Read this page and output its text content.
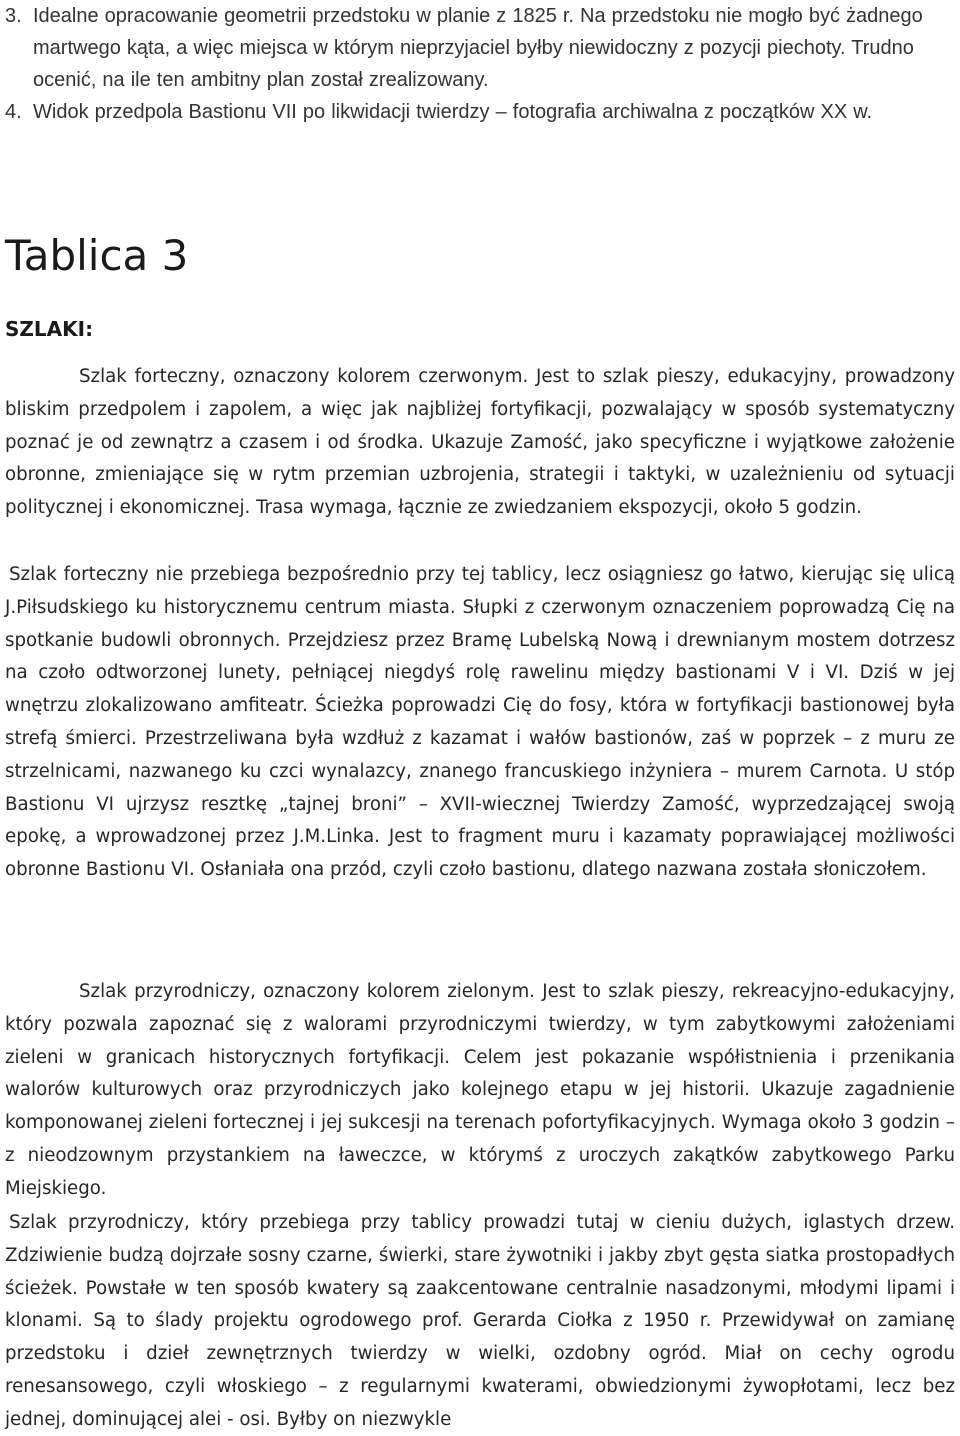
3. Idealne opracowanie geometrii przedstoku w planie z 1825 r. Na przedstoku nie mogło być żadnego martwego kąta, a więc miejsca w którym nieprzyjaciel byłby niewidoczny z pozycji piechoty. Trudno ocenić, na ile ten ambitny plan został zrealizowany.
4. Widok przedpola Bastionu VII po likwidacji twierdzy – fotografia archiwalna z początków XX w.
Tablica 3
SZLAKI:

Szlak forteczny, oznaczony kolorem czerwonym. Jest to szlak pieszy, edukacyjny, prowadzony bliskim przedpolem i zapolem, a więc jak najbliżej fortyfikacji, pozwalający w sposób systematyczny poznać je od zewnątrz a czasem i od środka. Ukazuje Zamość, jako specyficzne i wyjątkowe założenie obronne, zmieniające się w rytm przemian uzbrojenia, strategii i taktyki, w uzależnieniu od sytuacji politycznej i ekonomicznej. Trasa wymaga, łącznie ze zwiedzaniem ekspozycji, około 5 godzin.

Szlak forteczny nie przebiega bezpośrednio przy tej tablicy, lecz osiągniesz go łatwo, kierując się ulicą J.Piłsudskiego ku historycznemu centrum miasta. Słupki z czerwonym oznaczeniem poprowadzą Cię na spotkanie budowli obronnych. Przejdziesz przez Bramę Lubelską Nową i drewnianym mostem dotrzesz na czoło odtworzonej lunety, pełniącej niegdyś rolę rawelinu między bastionami V i VI. Dziś w jej wnętrzu zlokalizowano amfiteatr. Ścieżka poprowadzi Cię do fosy, która w fortyfikacji bastionowej była strefą śmierci. Przestrzeliwana była wzdłuż z kazamat i wałów bastionów, zaś w poprzek – z muru ze strzelnicami, nazwanego ku czci wynalazcy, znanego francuskiego inżyniera – murem Carnota. U stóp Bastionu VI ujrzysz resztkę „tajnej broni” – XVII-wiecznej Twierdzy Zamość, wyprzedzającej swoją epokę, a wprowadzonej przez J.M.Linka. Jest to fragment muru i kazamaty poprawiającej możliwości obronne Bastionu VI. Osłaniała ona przód, czyli czoło bastionu, dlatego nazwana została słoniczołem.

Szlak przyrodniczy, oznaczony kolorem zielonym. Jest to szlak pieszy, rekreacyjno-edukacyjny, który pozwala zapoznać się z walorami przyrodniczymi twierdzy, w tym zabytkowymi założeniami zieleni w granicach historycznych fortyfikacji. Celem jest pokazanie współistnienia i przenikania walorów kulturowych oraz przyrodniczych jako kolejnego etapu w jej historii. Ukazuje zagadnienie komponowanej zieleni fortecznej i jej sukcesji na terenach pofortyfikacyjnych. Wymaga około 3 godzin – z nieodzownym przystankiem na ławeczce, w którymś z uroczych zakątków zabytkowego Parku Miejskiego.

Szlak przyrodniczy, który przebiega przy tablicy prowadzi tutaj w cieniu dużych, iglastych drzew. Zdziwienie budzą dojrzałe sosny czarne, świerki, stare żywotniki i jakby zbyt gęsta siatka prostopadłych ścieżek. Powstałe w ten sposób kwatery są zaakcentowane centralnie nasadzonymi, młodymi lipami i klonami. Są to ślady projektu ogrodowego prof. Gerarda Ciołka z 1950 r. Przewidywał on zamianę przedstoku i dzieł zewnętrznych twierdzy w wielki, ozdobny ogród. Miał on cechy ogrodu renesansowego, czyli włoskiego – z regularnymi kwaterami, obwiedzionymi żywopłotami, lecz bez jednej, dominującej alei - osi. Byłby on niezwykle
